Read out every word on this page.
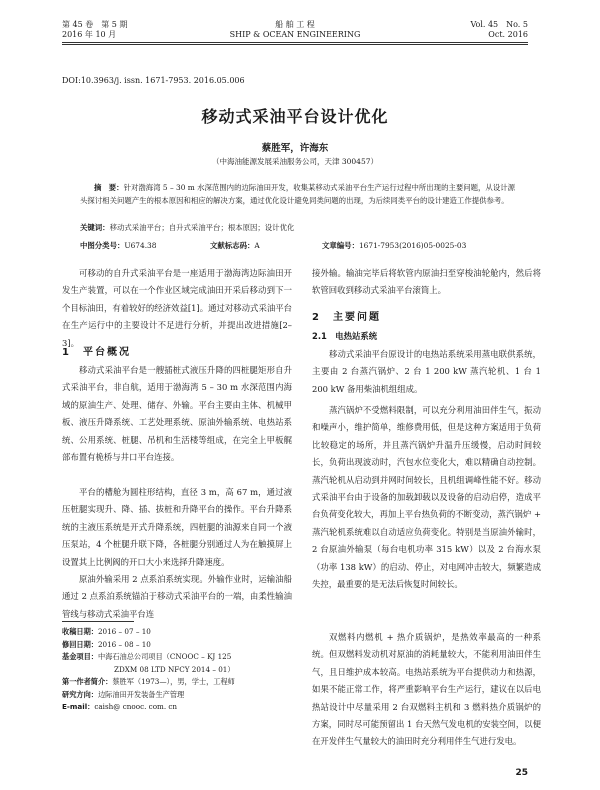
第 45 卷　第 5 期
2016 年 10 月
船 舶 工 程
SHIP & OCEAN ENGINEERING
Vol. 45　No. 5
Oct. 2016
DOI:10.3963/j. issn. 1671-7953. 2016.05.006
移动式采油平台设计优化
蔡胜军，许海东
（中海油能源发展采油服务公司，天津 300457）
摘　要：针对渤海湾 5 – 30 m 水深范围内的边际油田开发，收集某移动式采油平台生产运行过程中所出现的主要问题，从设计源头探讨相关问题产生的根本原因和相应的解决方案，通过优化设计避免同类问题的出现，为后续同类平台的设计建造工作提供参考。
关键词：移动式采油平台；自升式采油平台；根本原因；设计优化
中图分类号：U674.38	文献标志码：A	文章编号：1671-7953(2016)05-0025-03
可移动的自升式采油平台是一座适用于渤海湾边际油田开发生产装置，可以在一个作业区域完成油田开采后移动到下一个目标油田，有着较好的经济效益[1]。通过对移动式采油平台在生产运行中的主要设计不足进行分析，并提出改进措施[2–3]。
1　平台概况
移动式采油平台是一艘插桩式液压升降的四桩腿矩形自升式采油平台，非自航，适用于渤海湾 5 – 30 m 水深范围内海域的原油生产、处理、储存、外输。平台主要由主体、机械甲板、液压升降系统、工艺处理系统、原油外输系统、电热站系统、公用系统、桩腿、吊机和生活楼等组成，在完全上甲板艉部布置有桅桥与井口平台连接。
平台的槽舱为圆柱形结构，直径 3 m，高 67 m，通过液压桩腿实现升、降、插、拔桩和升降平台的操作。平台升降系统的主液压系统是开式升降系统，四桩腿的油源来自同一个液压泵站，4 个桩腿升联下降，各桩腿分别通过人为在触摸屏上设置其上比例阀的开口大小来选择升降速度。
原油外输采用 2 点系泊系统实现。外输作业时，运输油船通过 2 点系泊系统锚泊于移动式采油平台的一端，由柔性输油管线与移动式采油平台连
收稿日期：2016 – 07 – 10
修回日期：2016 – 08 – 10
基金项目：中海石油总公司项目（CNOOC – KJ 125
ZDXM 08 LTD NFCY 2014 – 01）
第一作者简介：蔡胜军（1973—），男，学士，工程师
研究方向：边际油田开发装备生产管理
E-mail：caish@ cnooc. com. cn
接外输。输油完毕后将软管内原油扫至穿梭油轮舱内，然后将软管回收到移动式采油平台滚筒上。
2　主要问题
2.1　电热站系统
移动式采油平台原设计的电热站系统采用蒸电联供系统，主要由 2 台蒸汽锅炉、2 台 1 200 kW 蒸汽轮机、1 台 1 200 kW 备用柴油机组组成。
蒸汽锅炉不受燃料限制，可以充分利用油田伴生气，振动和噪声小，维护简单，维修费用低，但是这种方案适用于负荷比较稳定的场所，并且蒸汽锅炉升温升压缓慢，启动时间较长，负荷出现波动时，汽包水位变化大，难以精确自动控制。蒸汽轮机从启动到并网时间较长，且机组调峰性能不好。移动式采油平台由于设备的加载卸载以及设备的启动启停，造成平台负荷变化较大，再加上平台热负荷的不断变动，蒸汽锅炉 + 蒸汽轮机系统难以自动适应负荷变化。特别是当原油外输时，2 台原油外输泵（每台电机功率 315 kW）以及 2 台海水泵（功率 138 kW）的启动、停止，对电网冲击较大，频繁造成失控，最重要的是无法后恢复时间较长。
双燃料内燃机 + 热介质锅炉，是热效率最高的一种系统。但双燃料发动机对原油的消耗量较大，不能利用油田伴生气，且日维护成本较高。电热站系统为平台提供动力和热源，如果不能正常工作，将严重影响平台生产运行，建议在以后电热站设计中尽量采用 2 台双燃料主机和 3 燃料热介质锅炉的方案，同时尽可能预留出 1 台天然气发电机的安装空间，以便在开发伴生气量较大的油田时充分利用伴生气进行发电。
25
